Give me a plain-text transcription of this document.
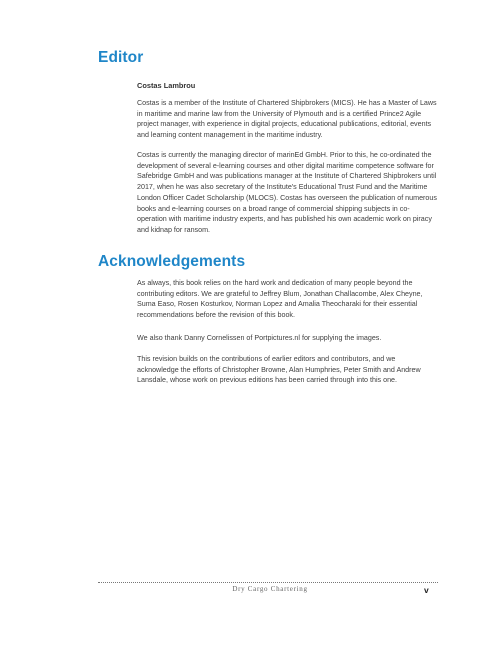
Editor
Costas Lambrou

Costas is a member of the Institute of Chartered Shipbrokers (MICS). He has a Master of Laws in maritime and marine law from the University of Plymouth and is a certified Prince2 Agile project manager, with experience in digital projects, educational publications, editorial, events and learning content management in the maritime industry.

Costas is currently the managing director of marinEd GmbH. Prior to this, he co-ordinated the development of several e-learning courses and other digital maritime competence software for Safebridge GmbH and was publications manager at the Institute of Chartered Shipbrokers until 2017, when he was also secretary of the Institute's Educational Trust Fund and the Maritime London Officer Cadet Scholarship (MLOCS). Costas has overseen the publication of numerous books and e-learning courses on a broad range of commercial shipping subjects in co-operation with maritime industry experts, and has published his own academic work on piracy and kidnap for ransom.

Acknowledgements

As always, this book relies on the hard work and dedication of many people beyond the contributing editors. We are grateful to Jeffrey Blum, Jonathan Challacombe, Alex Cheyne, Suma Easo, Rosen Kosturkov, Norman Lopez and Amalia Theocharaki for their essential recommendations before the revision of this book.

We also thank Danny Cornelissen of Portpictures.nl for supplying the images.

This revision builds on the contributions of earlier editors and contributors, and we acknowledge the efforts of Christopher Browne, Alan Humphries, Peter Smith and Andrew Lansdale, whose work on previous editions has been carried through into this one.

Dry Cargo Chartering	v
